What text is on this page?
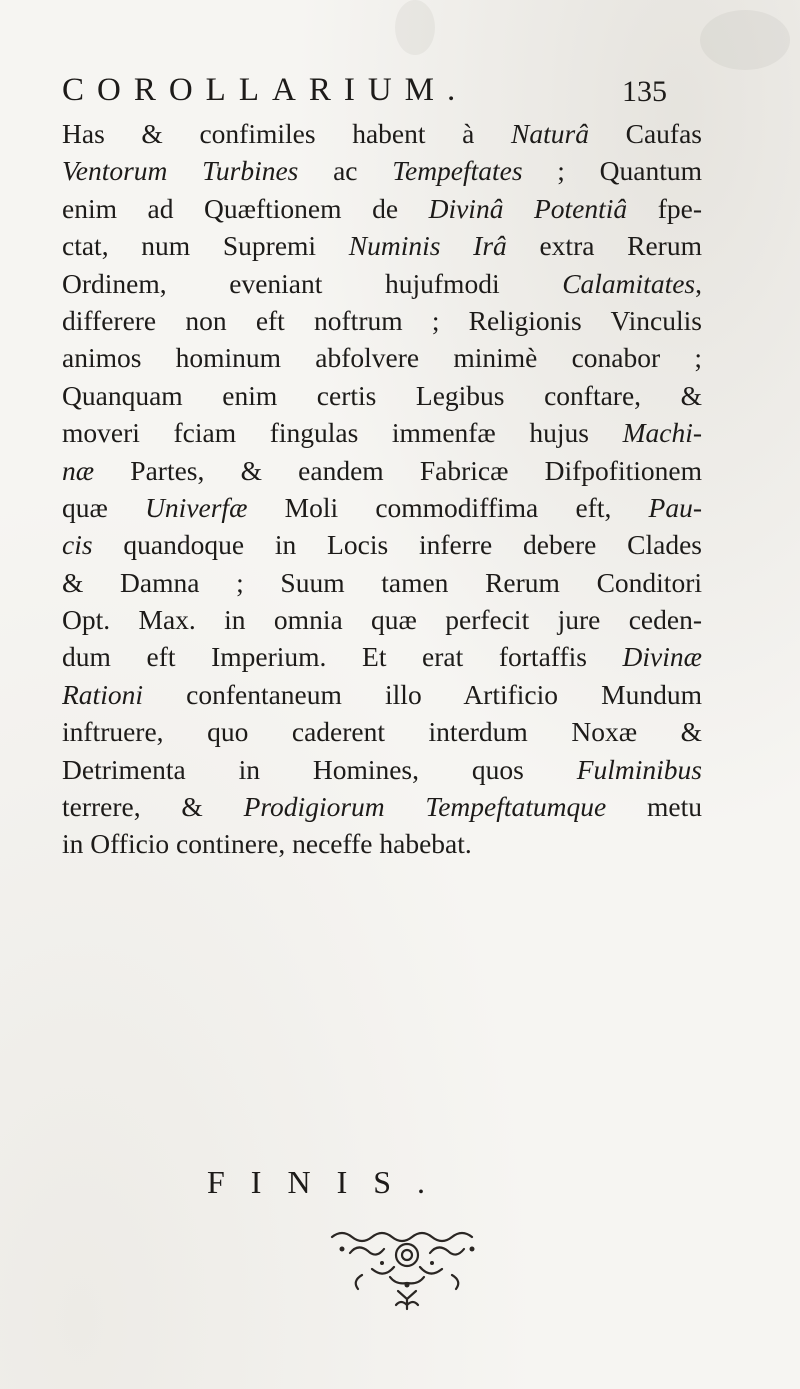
COROLLARIUM.	135
Has & confimiles habent à Naturâ Caufas
Ventorum Turbines ac Tempeftates ; Quantum
enim ad Quæftionem de Divinâ Potentiâ fpe-
ctat, num Supremi Numinis Irâ extra Rerum
Ordinem, eveniant hujufmodi Calamitates,
differere non eft noftrum ; Religionis Vinculis
animos hominum abfolvere minimè conabor ;
Quanquam enim certis Legibus conftare, &
moveri fciam fingulas immenfæ hujus Machi-
næ Partes, & eandem Fabricæ Difpofitionem
quæ Univerfæ Moli commodiffima eft, Pau-
cis quandoque in Locis inferre debere Clades
& Damna ; Suum tamen Rerum Conditori
Opt. Max. in omnia quæ perfecit jure ceden-
dum eft Imperium. Et erat fortaffis Divinæ
Rationi confentaneum illo Artificio Mundum
inftruere, quo caderent interdum Noxæ &
Detrimenta in Homines, quos Fulminibus
terrere, & Prodigiorum Tempeftatumque metu
in Officio continere, neceffe habebat.
FINIS.
